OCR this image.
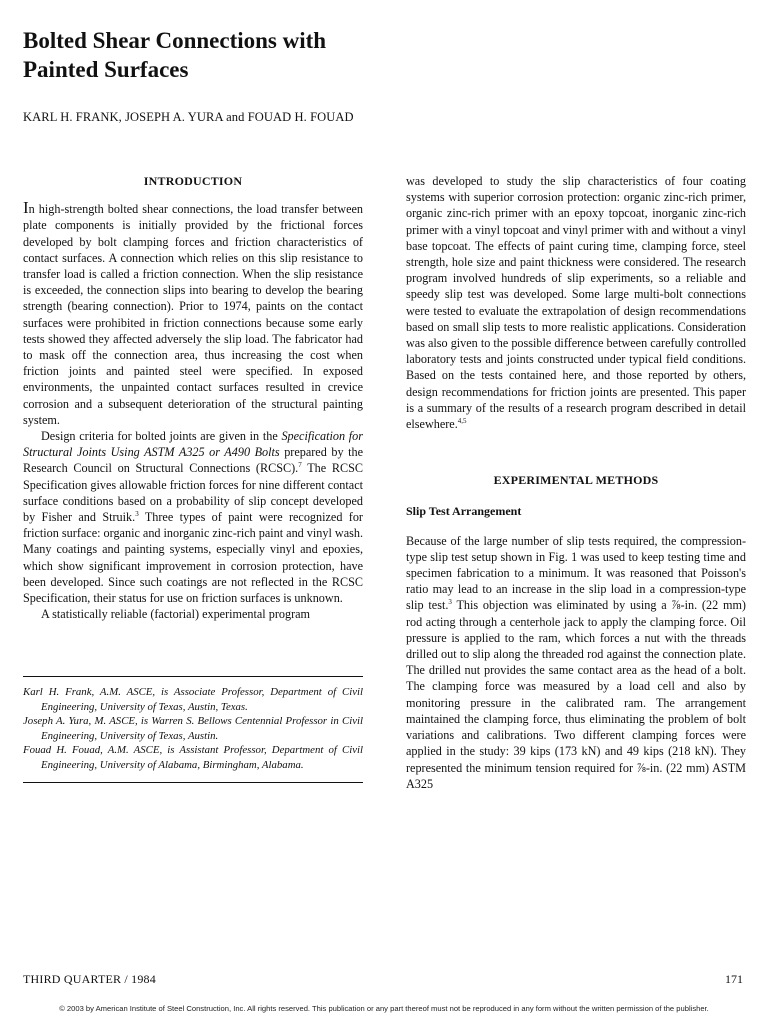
Bolted Shear Connections with
Painted Surfaces
KARL H. FRANK, JOSEPH A. YURA and FOUAD H. FOUAD
INTRODUCTION

In high-strength bolted shear connections, the load transfer between plate components is initially provided by the frictional forces developed by bolt clamping forces and friction characteristics of contact surfaces. A connection which relies on this slip resistance to transfer load is called a friction connection. When the slip resistance is exceeded, the connection slips into bearing to develop the bearing strength (bearing connection). Prior to 1974, paints on the contact surfaces were prohibited in friction connections because some early tests showed they affected adversely the slip load. The fabricator had to mask off the connection area, thus increasing the cost when friction joints and painted steel were specified. In exposed environments, the unpainted contact surfaces resulted in crevice corrosion and a subsequent deterioration of the structural painting system.

Design criteria for bolted joints are given in the Specification for Structural Joints Using ASTM A325 or A490 Bolts prepared by the Research Council on Structural Connections (RCSC).$^7$ The RCSC Specification gives allowable friction forces for nine different contact surface conditions based on a probability of slip concept developed by Fisher and Struik.$^3$ Three types of paint were recognized for friction surface: organic and inorganic zinc-rich paint and vinyl wash. Many coatings and painting systems, especially vinyl and epoxies, which show significant improvement in corrosion protection, have been developed. Since such coatings are not reflected in the RCSC Specification, their status for use on friction surfaces is unknown.

A statistically reliable (factorial) experimental program

Karl H. Frank, A.M. ASCE, is Associate Professor, Department of Civil Engineering, University of Texas, Austin, Texas.

Joseph A. Yura, M. ASCE, is Warren S. Bellows Centennial Professor in Civil Engineering, University of Texas, Austin.

Fouad H. Fouad, A.M. ASCE, is Assistant Professor, Department of Civil Engineering, University of Alabama, Birmingham, Alabama.

was developed to study the slip characteristics of four coating systems with superior corrosion protection: organic zinc-rich primer, organic zinc-rich primer with an epoxy topcoat, inorganic zinc-rich primer with a vinyl topcoat and vinyl primer with and without a vinyl base topcoat. The effects of paint curing time, clamping force, steel strength, hole size and paint thickness were considered. The research program involved hundreds of slip experiments, so a reliable and speedy slip test was developed. Some large multi-bolt connections were tested to evaluate the extrapolation of design recommendations based on small slip tests to more realistic applications. Consideration was also given to the possible difference between carefully controlled laboratory tests and joints constructed under typical field conditions. Based on the tests contained here, and those reported by others, design recommendations for friction joints are presented. This paper is a summary of the results of a research program described in detail elsewhere.$^{4,5}$

EXPERIMENTAL METHODS
Slip Test Arrangement

Because of the large number of slip tests required, the compression-type slip test setup shown in Fig. 1 was used to keep testing time and specimen fabrication to a minimum. It was reasoned that Poisson's ratio may lead to an increase in the slip load in a compression-type slip test.$^3$ This objection was eliminated by using a ⅞-in. (22 mm) rod acting through a centerhole jack to apply the clamping force. Oil pressure is applied to the ram, which forces a nut with the threads drilled out to slip along the threaded rod against the connection plate. The drilled nut provides the same contact area as the head of a bolt. The clamping force was measured by a load cell and also by monitoring pressure in the calibrated ram. The arrangement maintained the clamping force, thus eliminating the problem of bolt variations and calibrations. Two different clamping forces were applied in the study: 39 kips (173 kN) and 49 kips (218 kN). They represented the minimum tension required for ⅞-in. (22 mm) ASTM A325

THIRD QUARTER / 1984	171
© 2003 by American Institute of Steel Construction, Inc. All rights reserved. This publication or any part thereof must not be reproduced in any form without the written permission of the publisher.
